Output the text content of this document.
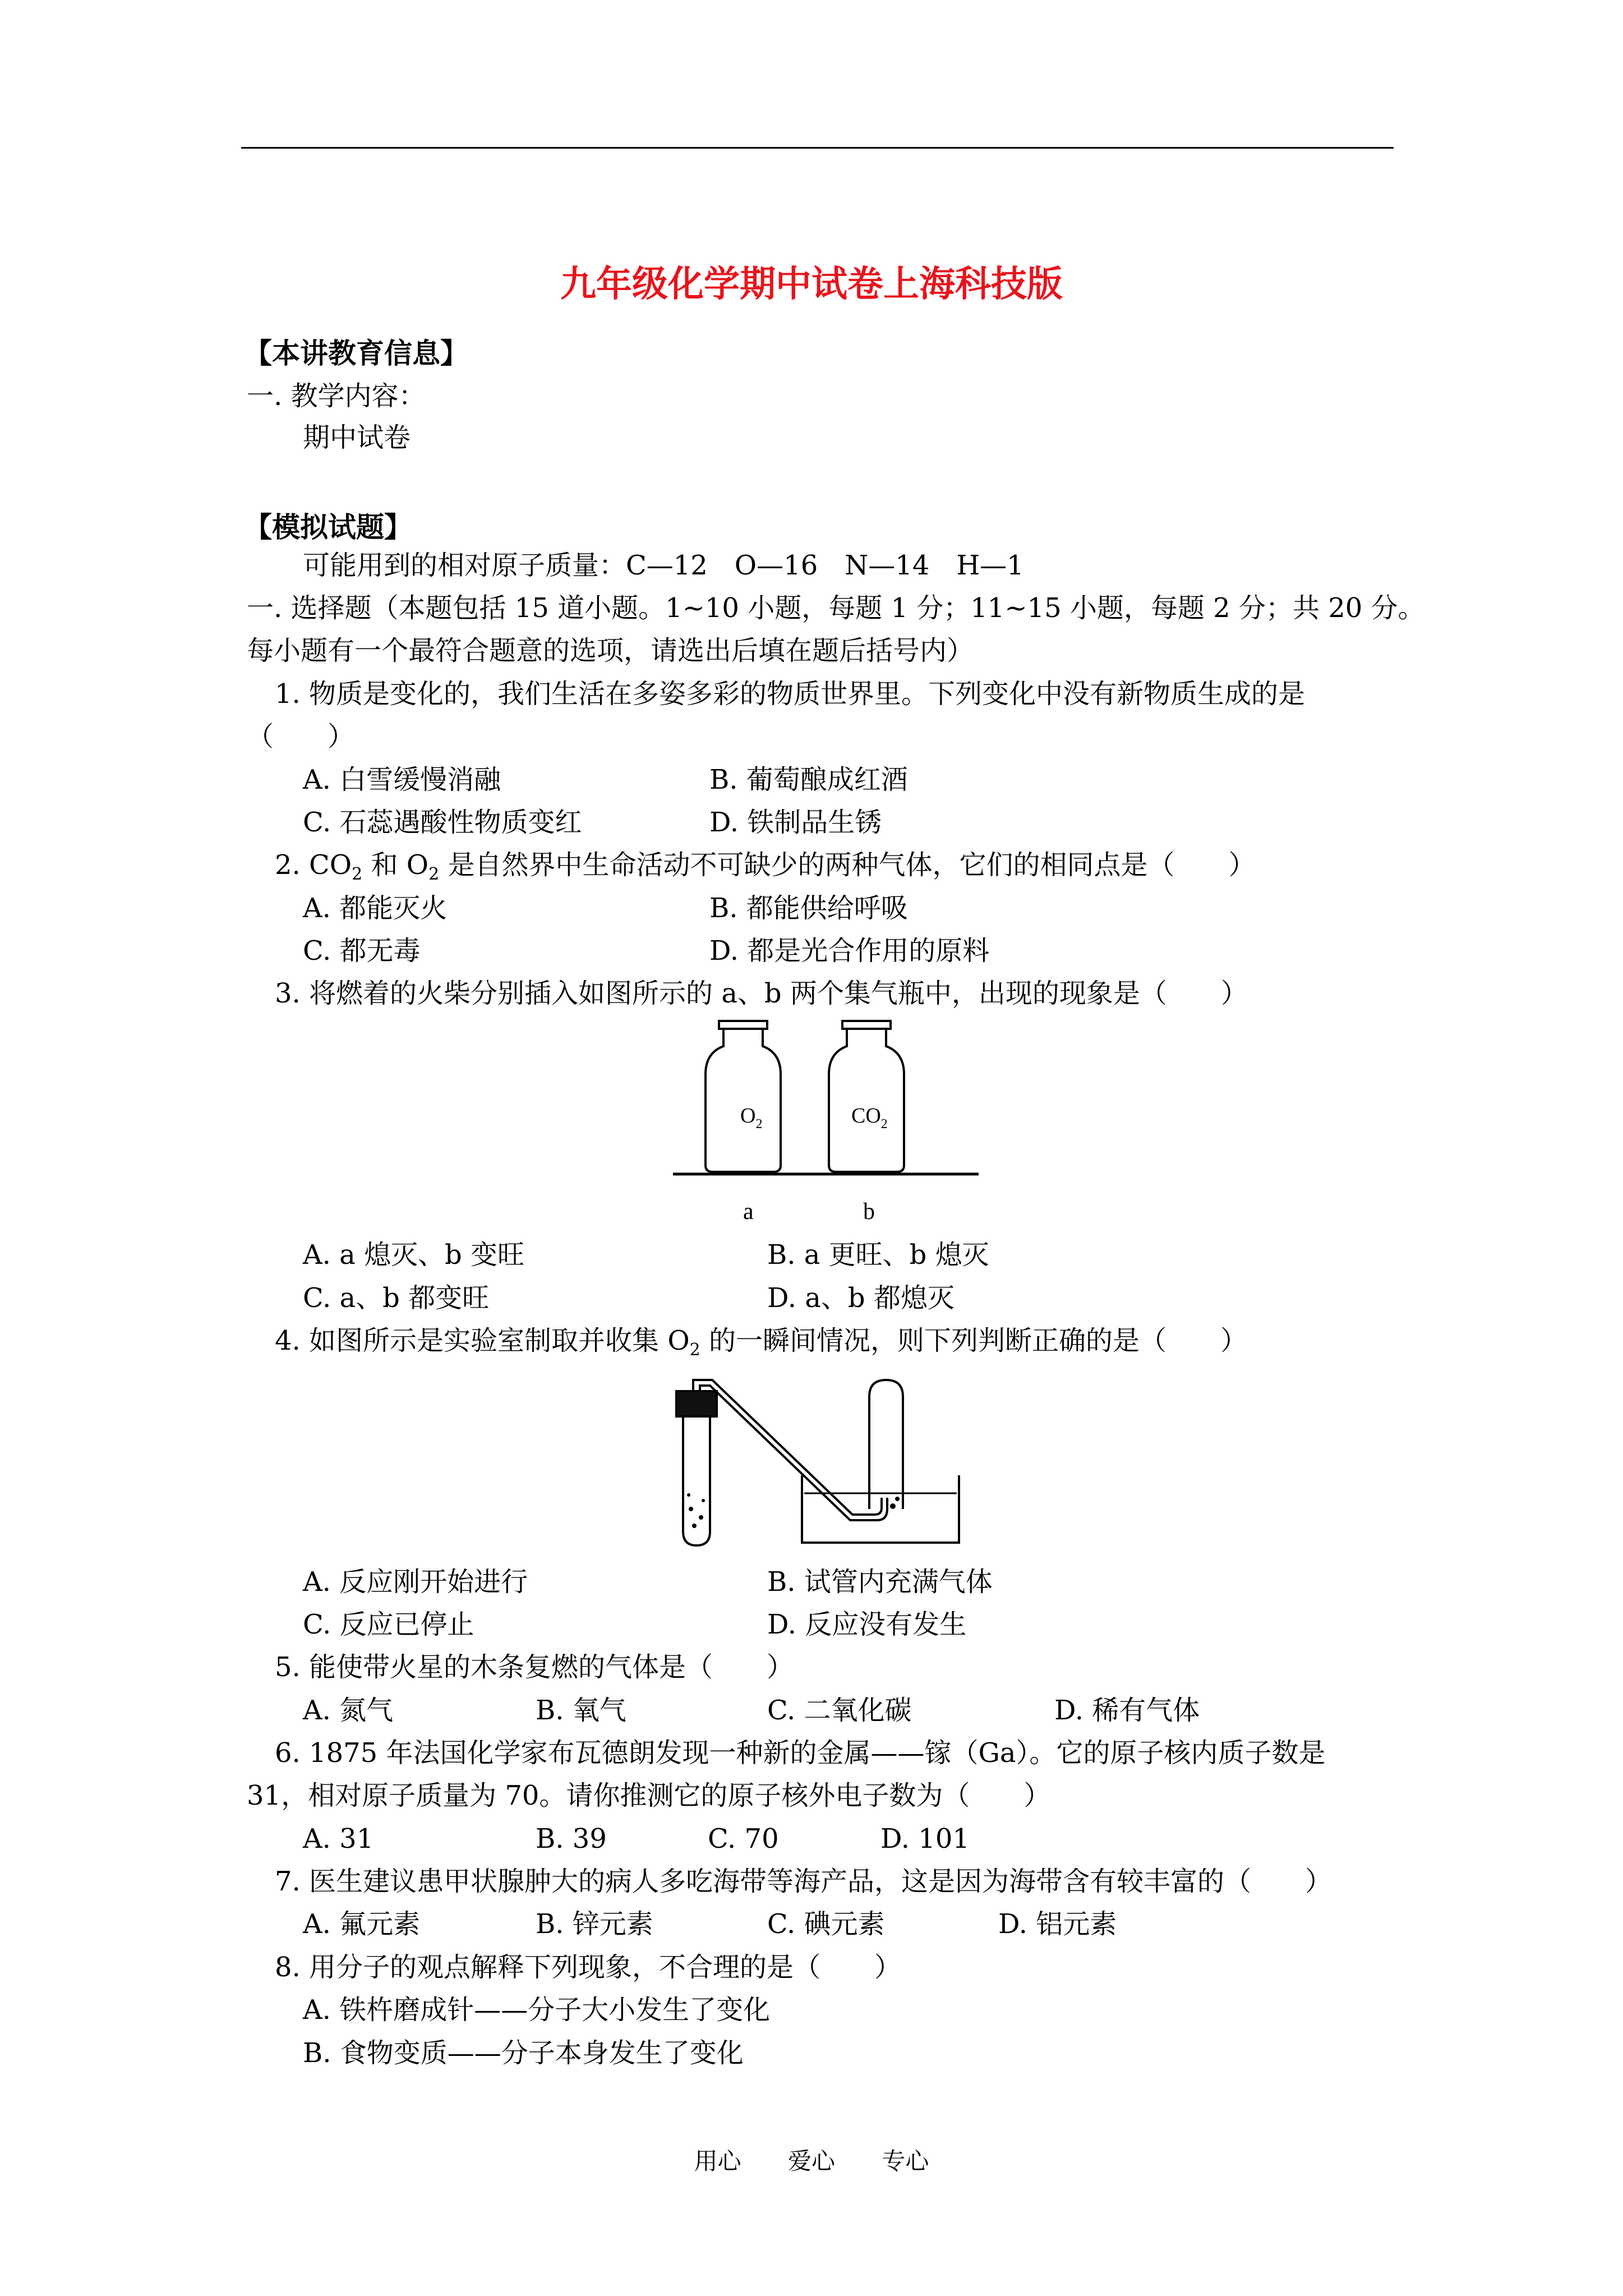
九年级化学期中试卷上海科技版
【本讲教育信息】
一. 教学内容：
期中试卷
【模拟试题】
可能用到的相对原子质量：C—12　O—16　N—14　H—1
一. 选择题（本题包括 15 道小题。1~10 小题，每题 1 分；11~15 小题，每题 2 分；共 20 分。
每小题有一个最符合题意的选项，请选出后填在题后括号内）
1. 物质是变化的，我们生活在多姿多彩的物质世界里。下列变化中没有新物质生成的是
（　　）
A. 白雪缓慢消融	B. 葡萄酿成红酒
C. 石蕊遇酸性物质变红	D. 铁制品生锈
2. $CO_2$ 和 $O_2$ 是自然界中生命活动不可缺少的两种气体，它们的相同点是（　　）
A. 都能灭火	B. 都能供给呼吸
C. 都无毒	D. 都是光合作用的原料
3. 将燃着的火柴分别插入如图所示的 a、b 两个集气瓶中，出现的现象是（　　）
$O_2$	$CO_2$
a	b
A. a 熄灭、b 变旺	B. a 更旺、b 熄灭
C. a、b 都变旺	D. a、b 都熄灭
4. 如图所示是实验室制取并收集 $O_2$ 的一瞬间情况，则下列判断正确的是（　　）
A. 反应刚开始进行	B. 试管内充满气体
C. 反应已停止	D. 反应没有发生
5. 能使带火星的木条复燃的气体是（　　）
A. 氮气	B. 氧气	C. 二氧化碳	D. 稀有气体
6. 1875 年法国化学家布瓦德朗发现一种新的金属——镓（Ga）。它的原子核内质子数是
31，相对原子质量为 70。请你推测它的原子核外电子数为（　　）
A. 31	B. 39	C. 70	D. 101
7. 医生建议患甲状腺肿大的病人多吃海带等海产品，这是因为海带含有较丰富的（　　）
A. 氟元素	B. 锌元素	C. 碘元素	D. 铝元素
8. 用分子的观点解释下列现象，不合理的是（　　）
A. 铁杵磨成针——分子大小发生了变化
B. 食物变质——分子本身发生了变化
用心 爱心 专心
